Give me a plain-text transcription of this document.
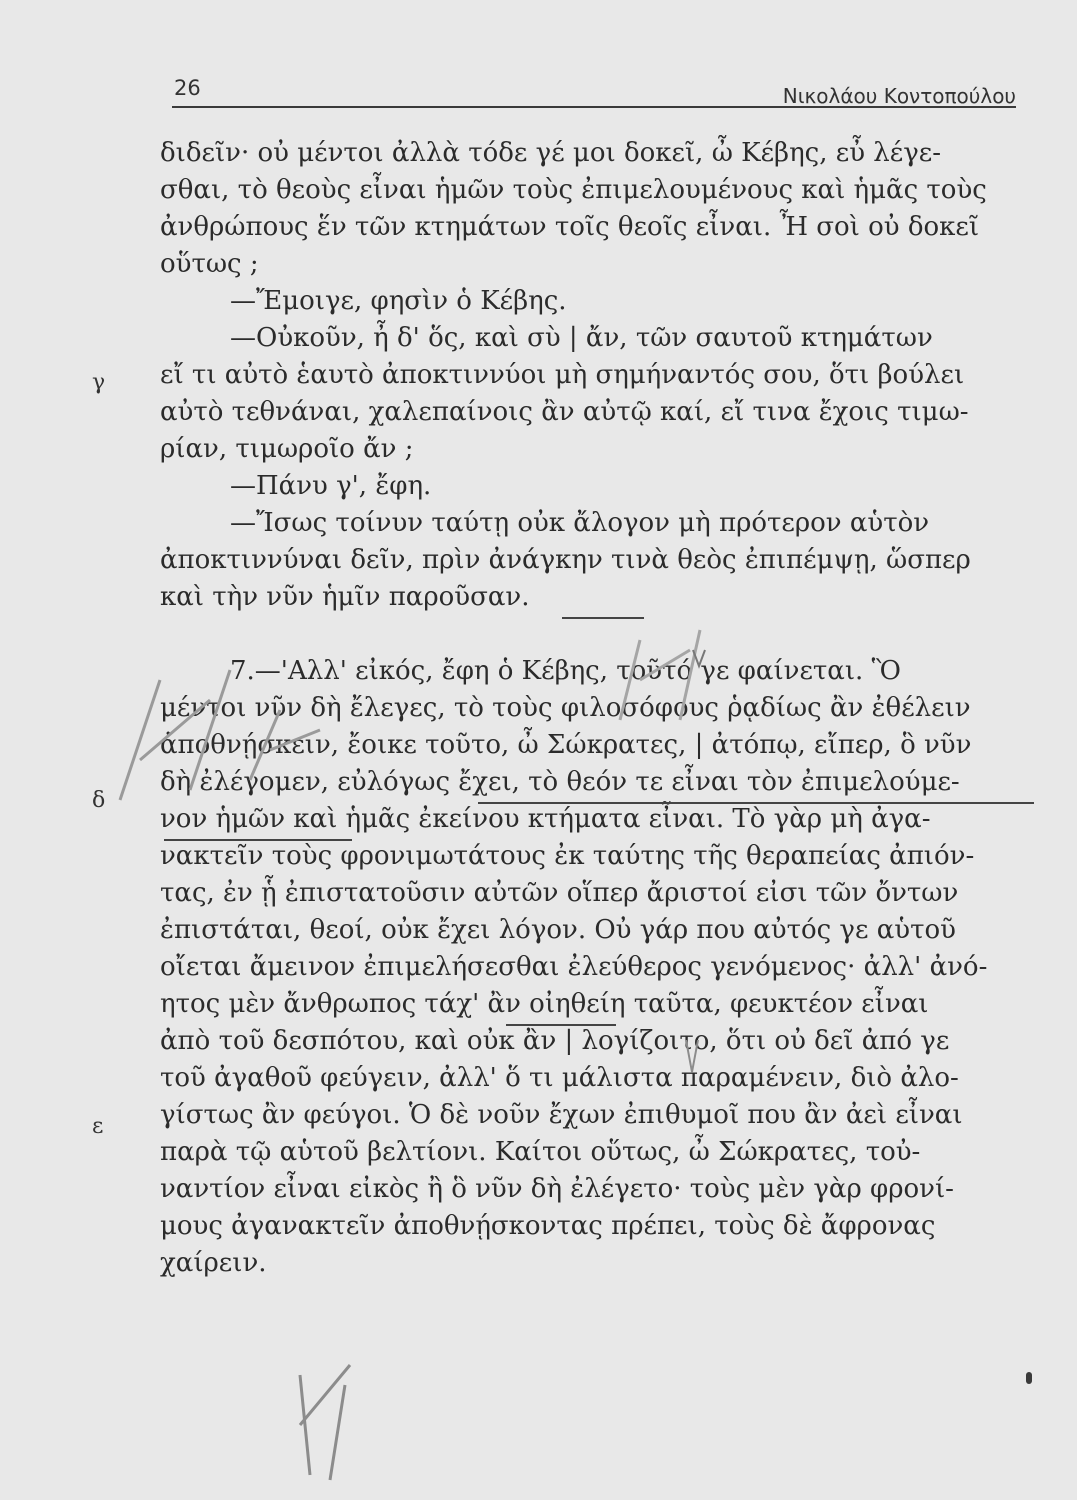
26	Νικολάου Κοντοπούλου
γ
δ
ε
διδεῖν· οὐ μέντοι ἀλλὰ τόδε γέ μοι δοκεῖ, ὦ Κέβης, εὖ λέγε-
σθαι, τὸ θεοὺς εἶναι ἡμῶν τοὺς ἐπιμελουμένους καὶ ἡμᾶς τοὺς
ἀνθρώπους ἕν τῶν κτημάτων τοῖς θεοῖς εἶναι. Ἦ σοὶ οὐ δοκεῖ
οὕτως ;
—Ἔμοιγε, φησὶν ὁ Κέβης.
—Οὐκοῦν, ἦ δ' ὅς, καὶ σὺ | ἄν, τῶν σαυτοῦ κτημάτων
εἴ τι αὐτὸ ἑαυτὸ ἀποκτιννύοι μὴ σημήναντός σου, ὅτι βούλει
αὐτὸ τεθνάναι, χαλεπαίνοις ἂν αὐτῷ καί, εἴ τινα ἔχοις τιμω-
ρίαν, τιμωροῖο ἄν ;
—Πάνυ γ', ἔφη.
—Ἴσως τοίνυν ταύτῃ οὐκ ἄλογον μὴ πρότερον αὑτὸν
ἀποκτιννύναι δεῖν, πρὶν ἀνάγκην τινὰ θεὸς ἐπιπέμψῃ, ὥσπερ
καὶ τὴν νῦν ἡμῖν παροῦσαν.
7.—'Αλλ' εἰκός, ἔφη ὁ Κέβης, τοῦτό γε φαίνεται. Ὃ
μέντοι νῦν δὴ ἔλεγες, τὸ τοὺς φιλοσόφους ῥᾳδίως ἂν ἐθέλειν
ἀποθνῄσκειν, ἔοικε τοῦτο, ὦ Σώκρατες, | ἀτόπῳ, εἴπερ, ὃ νῦν
δὴ ἐλέγομεν, εὐλόγως ἔχει, τὸ θεόν τε εἶναι τὸν ἐπιμελούμε-
νον ἡμῶν καὶ ἡμᾶς ἐκείνου κτήματα εἶναι. Τὸ γὰρ μὴ ἀγα-
νακτεῖν τοὺς φρονιμωτάτους ἐκ ταύτης τῆς θεραπείας ἀπιόν-
τας, ἐν ᾗ ἐπιστατοῦσιν αὐτῶν οἵπερ ἄριστοί εἰσι τῶν ὄντων
ἐπιστάται, θεοί, οὐκ ἔχει λόγον. Οὐ γάρ που αὐτός γε αὑτοῦ
οἴεται ἄμεινον ἐπιμελήσεσθαι ἐλεύθερος γενόμενος· ἀλλ' ἀνό-
ητος μὲν ἄνθρωπος τάχ' ἂν οἰηθείη ταῦτα, φευκτέον εἶναι
ἀπὸ τοῦ δεσπότου, καὶ οὐκ ἂν | λογίζοιτο, ὅτι οὐ δεῖ ἀπό γε
τοῦ ἀγαθοῦ φεύγειν, ἀλλ' ὅ τι μάλιστα παραμένειν, διὸ ἀλο-
γίστως ἂν φεύγοι. Ὁ δὲ νοῦν ἔχων ἐπιθυμοῖ που ἂν ἀεὶ εἶναι
παρὰ τῷ αὑτοῦ βελτίονι. Καίτοι οὕτως, ὦ Σώκρατες, τοὐ-
ναντίον εἶναι εἰκὸς ἢ ὃ νῦν δὴ ἐλέγετο· τοὺς μὲν γὰρ φρονί-
μους ἀγανακτεῖν ἀποθνῄσκοντας πρέπει, τοὺς δὲ ἄφρονας
χαίρειν.
